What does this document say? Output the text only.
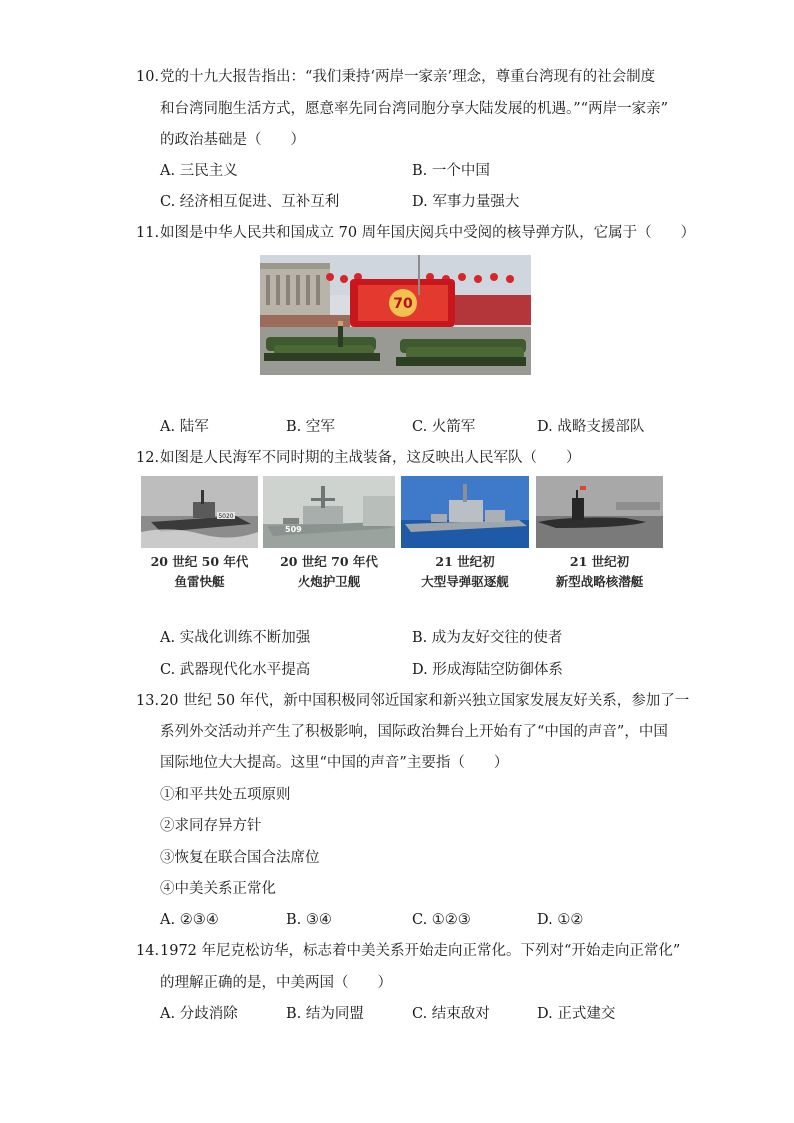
10. 党的十九大报告指出：“我们秉持‘两岸一家亲’理念，尊重台湾现有的社会制度
和台湾同胞生活方式，愿意率先同台湾同胞分享大陆发展的机遇。”“两岸一家亲”
的政治基础是（　　）
A. 三民主义	B. 一个中国
C. 经济相互促进、互补互利	D. 军事力量强大
11. 如图是中华人民共和国成立 70 周年国庆阅兵中受阅的核导弹方队，它属于（　　）
70
A. 陆军	B. 空军	C. 火箭军	D. 战略支援部队
12. 如图是人民海军不同时期的主战装备，这反映出人民军队（　　）
5020
509
20 世纪 50 年代
鱼雷快艇
20 世纪 70 年代
火炮护卫舰
21 世纪初
大型导弹驱逐舰
21 世纪初
新型战略核潜艇
A. 实战化训练不断加强	B. 成为友好交往的使者
C. 武器现代化水平提高	D. 形成海陆空防御体系
13. 20 世纪 50 年代，新中国积极同邻近国家和新兴独立国家发展友好关系，参加了一
系列外交活动并产生了积极影响，国际政治舞台上开始有了“中国的声音”，中国
国际地位大大提高。这里“中国的声音”主要指（　　）
①和平共处五项原则
②求同存异方针
③恢复在联合国合法席位
④中美关系正常化
A. ②③④	B. ③④	C. ①②③	D. ①②
14. 1972 年尼克松访华，标志着中美关系开始走向正常化。下列对“开始走向正常化”
的理解正确的是，中美两国（　　）
A. 分歧消除	B. 结为同盟	C. 结束敌对	D. 正式建交
